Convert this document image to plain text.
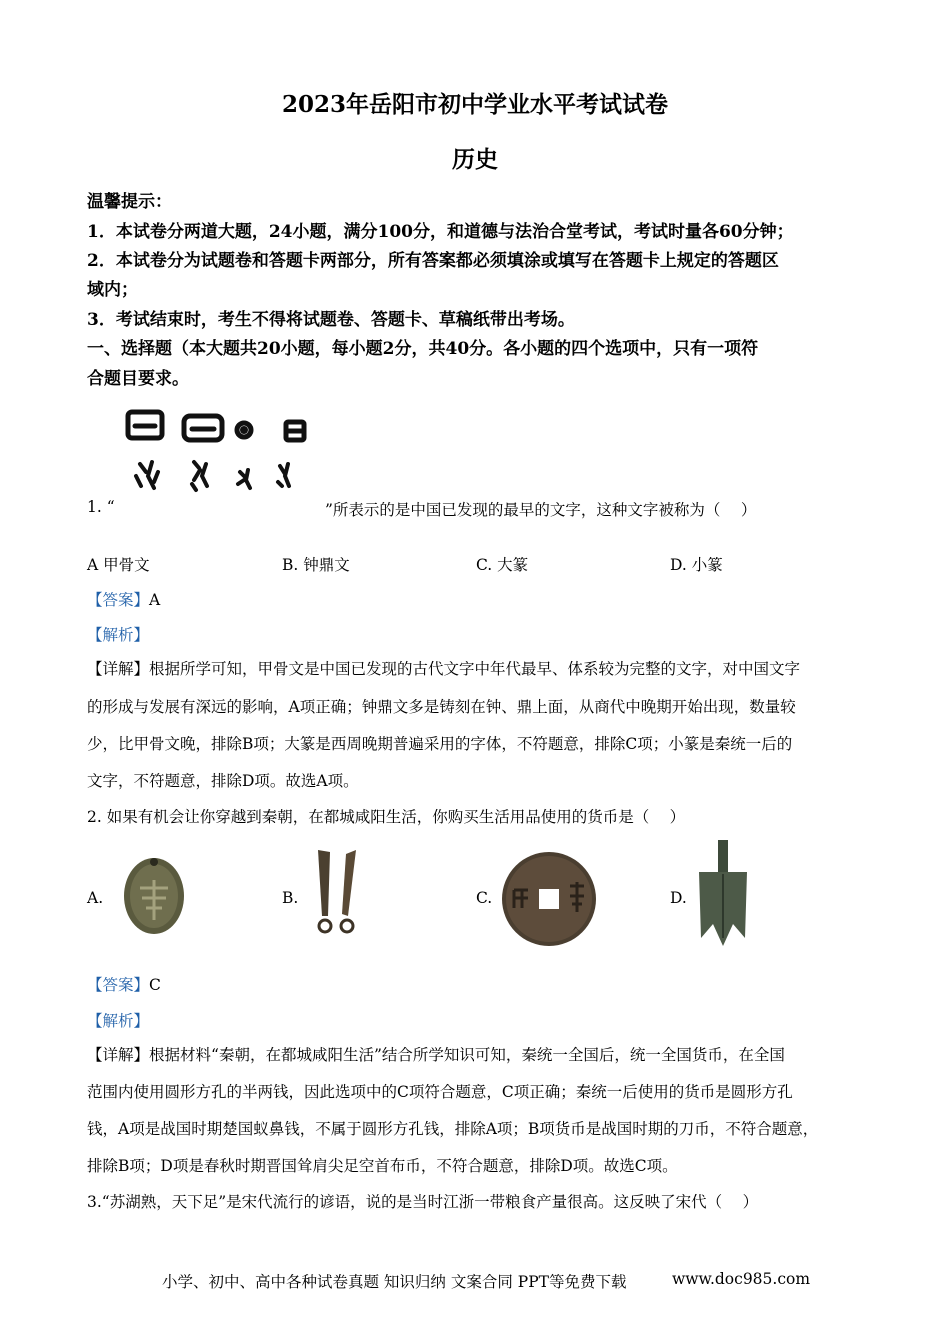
2023年岳阳市初中学业水平考试试卷
历史
温馨提示：
1．本试卷分两道大题，24小题，满分100分，和道德与法治合堂考试，考试时量各60分钟；
2．本试卷分为试题卷和答题卡两部分，所有答案都必须填涂或填写在答题卡上规定的答题区
域内；
3．考试结束时，考生不得将试题卷、答题卡、草稿纸带出考场。
一、选择题（本大题共20小题，每小题2分，共40分。各小题的四个选项中，只有一项符
合题目要求。
1. “	”所表示的是中国已发现的最早的文字，这种文字被称为（　 ）
A 甲骨文	B. 钟鼎文	C. 大篆	D. 小篆
【答案】A
【解析】
【详解】根据所学可知，甲骨文是中国已发现的古代文字中年代最早、体系较为完整的文字，对中国文字
的形成与发展有深远的影响，A项正确；钟鼎文多是铸刻在钟、鼎上面，从商代中晚期开始出现，数量较
少，比甲骨文晚，排除B项；大篆是西周晚期普遍采用的字体，不符题意，排除C项；小篆是秦统一后的
文字，不符题意，排除D项。故选A项。
2. 如果有机会让你穿越到秦朝，在都城咸阳生活，你购买生活用品使用的货币是（　 ）
A.	B.	C.	D.
【答案】C
【解析】
【详解】根据材料“秦朝，在都城咸阳生活”结合所学知识可知，秦统一全国后，统一全国货币，在全国
范围内使用圆形方孔的半两钱，因此选项中的C项符合题意，C项正确；秦统一后使用的货币是圆形方孔
钱，A项是战国时期楚国蚁鼻钱，不属于圆形方孔钱，排除A项；B项货币是战国时期的刀币，不符合题意，
排除B项；D项是春秋时期晋国耸肩尖足空首布币，不符合题意，排除D项。故选C项。
3.“苏湖熟，天下足”是宋代流行的谚语，说的是当时江浙一带粮食产量很高。这反映了宋代（　 ）
小学、初中、高中各种试卷真题 知识归纳 文案合同 PPT等免费下载	www.doc985.com
